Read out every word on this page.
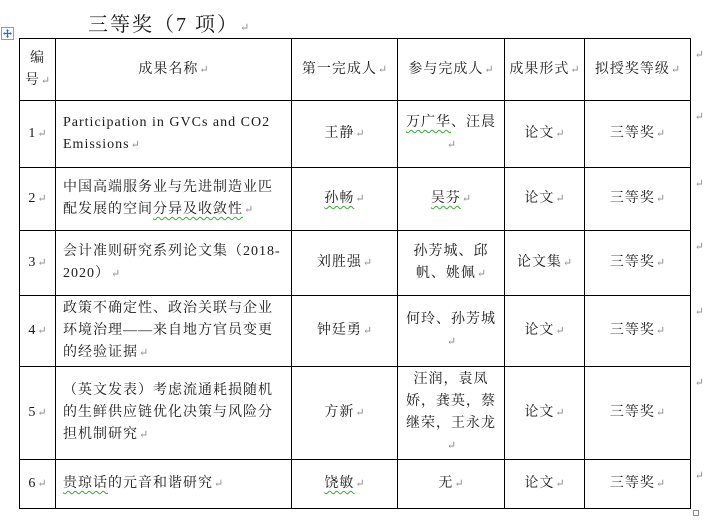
三等奖（7 项）↵
编号↵	成果名称↵	第一完成人↵	参与完成人↵	成果形式↵	拟授奖等级↵
↵

1↵	Participation in GVCs and CO2 Emissions↵	王静↵	万广华、汪晨↵	论文↵	三等奖↵
↵

2↵	中国高端服务业与先进制造业匹配发展的空间分异及收敛性↵	孙畅↵	吴芬↵	论文↵	三等奖↵
↵

3↵	会计准则研究系列论文集（2018-2020）↵	刘胜强↵	孙芳城、邱帆、姚佩↵	论文集↵	三等奖↵
↵

4↵	政策不确定性、政治关联与企业环境治理——来自地方官员变更的经验证据↵	钟廷勇↵	何玲、孙芳城↵	论文↵	三等奖↵
↵

5↵	（英文发表）考虑流通耗损随机的生鲜供应链优化决策与风险分担机制研究↵	方新↵	汪润，袁凤娇，龚英，蔡继荣，王永龙↵	论文↵	三等奖↵
↵

6↵	贵琼话的元音和谐研究↵	饶敏↵	无↵	论文↵	三等奖↵
↵
